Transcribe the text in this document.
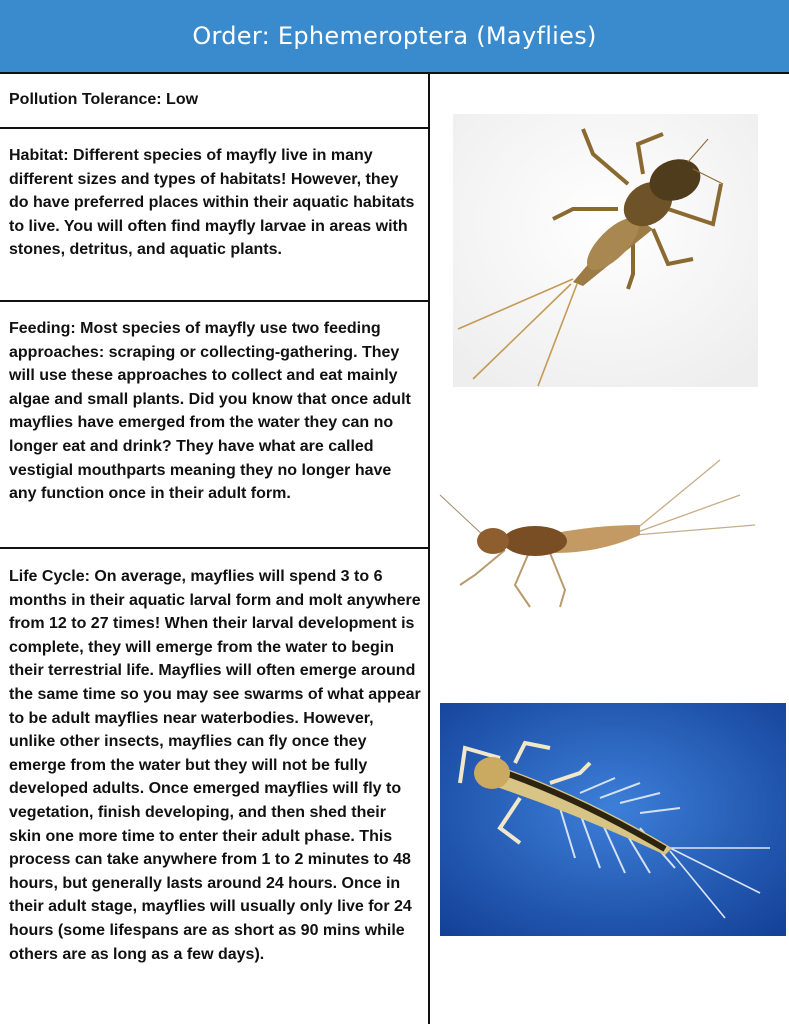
Order: Ephemeroptera (Mayflies)
Pollution Tolerance: Low
Habitat: Different species of mayfly live in many different sizes and types of habitats! However, they do have preferred places within their aquatic habitats to live. You will often find mayfly larvae in areas with stones, detritus, and aquatic plants.
Feeding: Most species of mayfly use two feeding approaches: scraping or collecting-gathering. They will use these approaches to collect and eat mainly algae and small plants. Did you know that once adult mayflies have emerged from the water they can no longer eat and drink? They have what are called vestigial mouthparts meaning they no longer have any function once in their adult form.
Life Cycle: On average, mayflies will spend 3 to 6 months in their aquatic larval form and molt anywhere from 12 to 27 times! When their larval development is complete, they will emerge from the water to begin their terrestrial life. Mayflies will often emerge around the same time so you may see swarms of what appear to be adult mayflies near waterbodies. However, unlike other insects, mayflies can fly once they emerge from the water but they will not be fully developed adults. Once emerged mayflies will fly to vegetation, finish developing, and then shed their skin one more time to enter their adult phase. This process can take anywhere from 1 to 2 minutes to 48 hours, but generally lasts around 24 hours. Once in their adult stage, mayflies will usually only live for 24 hours (some lifespans are as short as 90 mins while others are as long as a few days).
